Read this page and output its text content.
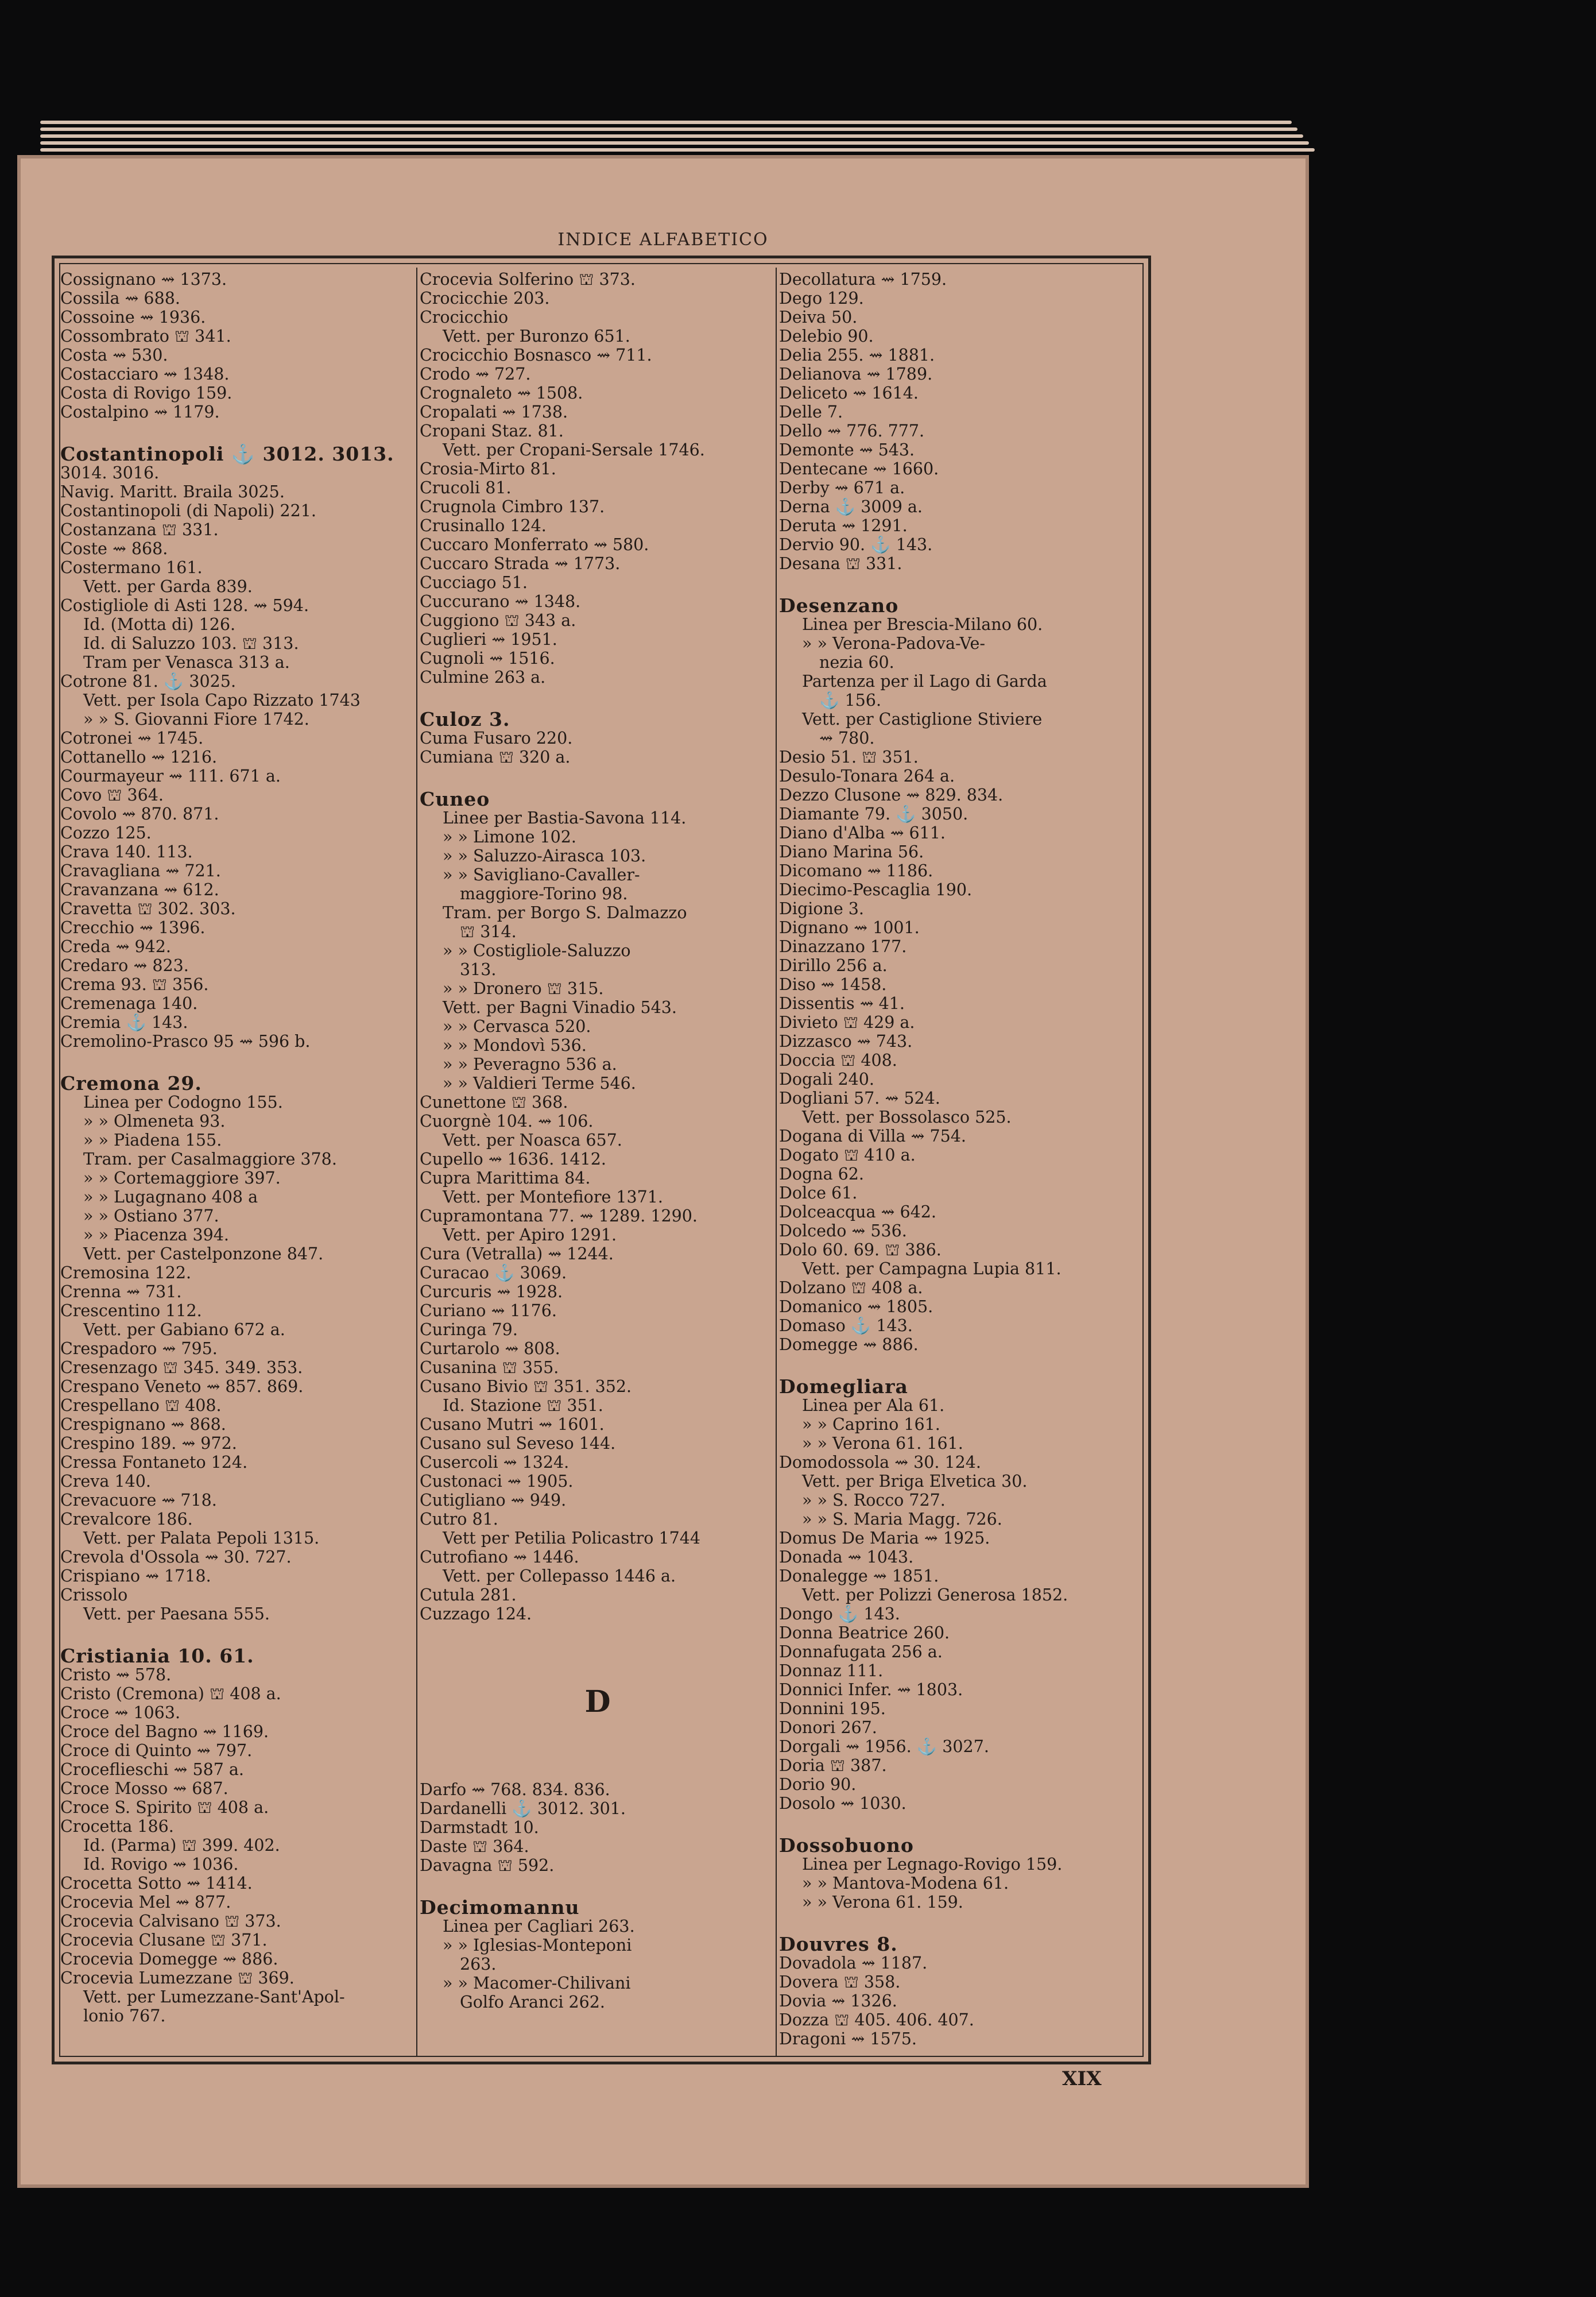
INDICE ALFABETICO
Cossignano ⇝ 1373.
Cossila ⇝ 688.
Cossoine ⇝ 1936.
Cossombrato ⛫ 341.
Costa ⇝ 530.
Costacciaro ⇝ 1348.
Costa di Rovigo 159.
Costalpino ⇝ 1179.
Costantinopoli ⚓ 3012. 3013.
3014. 3016.
Navig. Maritt. Braila 3025.
Costantinopoli (di Napoli) 221.
Costanzana ⛫ 331.
Coste ⇝ 868.
Costermano 161.
Vett. per Garda 839.
Costigliole di Asti 128. ⇝ 594.
Id. (Motta di) 126.
Id. di Saluzzo 103. ⛫ 313.
Tram per Venasca 313 a.
Cotrone 81. ⚓ 3025.
Vett. per Isola Capo Rizzato 1743
» » S. Giovanni Fiore 1742.
Cotronei ⇝ 1745.
Cottanello ⇝ 1216.
Courmayeur ⇝ 111. 671 a.
Covo ⛫ 364.
Covolo ⇝ 870. 871.
Cozzo 125.
Crava 140. 113.
Cravagliana ⇝ 721.
Cravanzana ⇝ 612.
Cravetta ⛫ 302. 303.
Crecchio ⇝ 1396.
Creda ⇝ 942.
Credaro ⇝ 823.
Crema 93. ⛫ 356.
Cremenaga 140.
Cremia ⚓ 143.
Cremolino-Prasco 95 ⇝ 596 b.
Cremona 29.
Linea per Codogno 155.
» » Olmeneta 93.
» » Piadena 155.
Tram. per Casalmaggiore 378.
» » Cortemaggiore 397.
» » Lugagnano 408 a
» » Ostiano 377.
» » Piacenza 394.
Vett. per Castelponzone 847.
Cremosina 122.
Crenna ⇝ 731.
Crescentino 112.
Vett. per Gabiano 672 a.
Crespadoro ⇝ 795.
Cresenzago ⛫ 345. 349. 353.
Crespano Veneto ⇝ 857. 869.
Crespellano ⛫ 408.
Crespignano ⇝ 868.
Crespino 189. ⇝ 972.
Cressa Fontaneto 124.
Creva 140.
Crevacuore ⇝ 718.
Crevalcore 186.
Vett. per Palata Pepoli 1315.
Crevola d'Ossola ⇝ 30. 727.
Crispiano ⇝ 1718.
Crissolo
Vett. per Paesana 555.
Cristiania 10. 61.
Cristo ⇝ 578.
Cristo (Cremona) ⛫ 408 a.
Croce ⇝ 1063.
Croce del Bagno ⇝ 1169.
Croce di Quinto ⇝ 797.
Croceflieschi ⇝ 587 a.
Croce Mosso ⇝ 687.
Croce S. Spirito ⛫ 408 a.
Crocetta 186.
Id. (Parma) ⛫ 399. 402.
Id. Rovigo ⇝ 1036.
Crocetta Sotto ⇝ 1414.
Crocevia Mel ⇝ 877.
Crocevia Calvisano ⛫ 373.
Crocevia Clusane ⛫ 371.
Crocevia Domegge ⇝ 886.
Crocevia Lumezzane ⛫ 369.
Vett. per Lumezzane-Sant'Apol-
lonio 767.
Crocevia Solferino ⛫ 373.
Crocicchie 203.
Crocicchio
Vett. per Buronzo 651.
Crocicchio Bosnasco ⇝ 711.
Crodo ⇝ 727.
Crognaleto ⇝ 1508.
Cropalati ⇝ 1738.
Cropani Staz. 81.
Vett. per Cropani-Sersale 1746.
Crosia-Mirto 81.
Crucoli 81.
Crugnola Cimbro 137.
Crusinallo 124.
Cuccaro Monferrato ⇝ 580.
Cuccaro Strada ⇝ 1773.
Cucciago 51.
Cuccurano ⇝ 1348.
Cuggiono ⛫ 343 a.
Cuglieri ⇝ 1951.
Cugnoli ⇝ 1516.
Culmine 263 a.
Culoz 3.
Cuma Fusaro 220.
Cumiana ⛫ 320 a.
Cuneo
Linee per Bastia-Savona 114.
» » Limone 102.
» » Saluzzo-Airasca 103.
» » Savigliano-Cavaller-
maggiore-Torino 98.
Tram. per Borgo S. Dalmazzo
⛫ 314.
» » Costigliole-Saluzzo
313.
» » Dronero ⛫ 315.
Vett. per Bagni Vinadio 543.
» » Cervasca 520.
» » Mondovì 536.
» » Peveragno 536 a.
» » Valdieri Terme 546.
Cunettone ⛫ 368.
Cuorgnè 104. ⇝ 106.
Vett. per Noasca 657.
Cupello ⇝ 1636. 1412.
Cupra Marittima 84.
Vett. per Montefiore 1371.
Cupramontana 77. ⇝ 1289. 1290.
Vett. per Apiro 1291.
Cura (Vetralla) ⇝ 1244.
Curacao ⚓ 3069.
Curcuris ⇝ 1928.
Curiano ⇝ 1176.
Curinga 79.
Curtarolo ⇝ 808.
Cusanina ⛫ 355.
Cusano Bivio ⛫ 351. 352.
Id. Stazione ⛫ 351.
Cusano Mutri ⇝ 1601.
Cusano sul Seveso 144.
Cusercoli ⇝ 1324.
Custonaci ⇝ 1905.
Cutigliano ⇝ 949.
Cutro 81.
Vett per Petilia Policastro 1744
Cutrofiano ⇝ 1446.
Vett. per Collepasso 1446 a.
Cutula 281.
Cuzzago 124.
D
Darfo ⇝ 768. 834. 836.
Dardanelli ⚓ 3012. 301.
Darmstadt 10.
Daste ⛫ 364.
Davagna ⛫ 592.
Decimomannu
Linea per Cagliari 263.
» » Iglesias-Monteponi
263.
» » Macomer-Chilivani
Golfo Aranci 262.
Decollatura ⇝ 1759.
Dego 129.
Deiva 50.
Delebio 90.
Delia 255. ⇝ 1881.
Delianova ⇝ 1789.
Deliceto ⇝ 1614.
Delle 7.
Dello ⇝ 776. 777.
Demonte ⇝ 543.
Dentecane ⇝ 1660.
Derby ⇝ 671 a.
Derna ⚓ 3009 a.
Deruta ⇝ 1291.
Dervio 90. ⚓ 143.
Desana ⛫ 331.
Desenzano
Linea per Brescia-Milano 60.
» » Verona-Padova-Ve-
nezia 60.
Partenza per il Lago di Garda
⚓ 156.
Vett. per Castiglione Stiviere
⇝ 780.
Desio 51. ⛫ 351.
Desulo-Tonara 264 a.
Dezzo Clusone ⇝ 829. 834.
Diamante 79. ⚓ 3050.
Diano d'Alba ⇝ 611.
Diano Marina 56.
Dicomano ⇝ 1186.
Diecimo-Pescaglia 190.
Digione 3.
Dignano ⇝ 1001.
Dinazzano 177.
Dirillo 256 a.
Diso ⇝ 1458.
Dissentis ⇝ 41.
Divieto ⛫ 429 a.
Dizzasco ⇝ 743.
Doccia ⛫ 408.
Dogali 240.
Dogliani 57. ⇝ 524.
Vett. per Bossolasco 525.
Dogana di Villa ⇝ 754.
Dogato ⛫ 410 a.
Dogna 62.
Dolce 61.
Dolceacqua ⇝ 642.
Dolcedo ⇝ 536.
Dolo 60. 69. ⛫ 386.
Vett. per Campagna Lupia 811.
Dolzano ⛫ 408 a.
Domanico ⇝ 1805.
Domaso ⚓ 143.
Domegge ⇝ 886.
Domegliara
Linea per Ala 61.
» » Caprino 161.
» » Verona 61. 161.
Domodossola ⇝ 30. 124.
Vett. per Briga Elvetica 30.
» » S. Rocco 727.
» » S. Maria Magg. 726.
Domus De Maria ⇝ 1925.
Donada ⇝ 1043.
Donalegge ⇝ 1851.
Vett. per Polizzi Generosa 1852.
Dongo ⚓ 143.
Donna Beatrice 260.
Donnafugata 256 a.
Donnaz 111.
Donnici Infer. ⇝ 1803.
Donnini 195.
Donori 267.
Dorgali ⇝ 1956. ⚓ 3027.
Doria ⛫ 387.
Dorio 90.
Dosolo ⇝ 1030.
Dossobuono
Linea per Legnago-Rovigo 159.
» » Mantova-Modena 61.
» » Verona 61. 159.
Douvres 8.
Dovadola ⇝ 1187.
Dovera ⛫ 358.
Dovia ⇝ 1326.
Dozza ⛫ 405. 406. 407.
Dragoni ⇝ 1575.
XIX
